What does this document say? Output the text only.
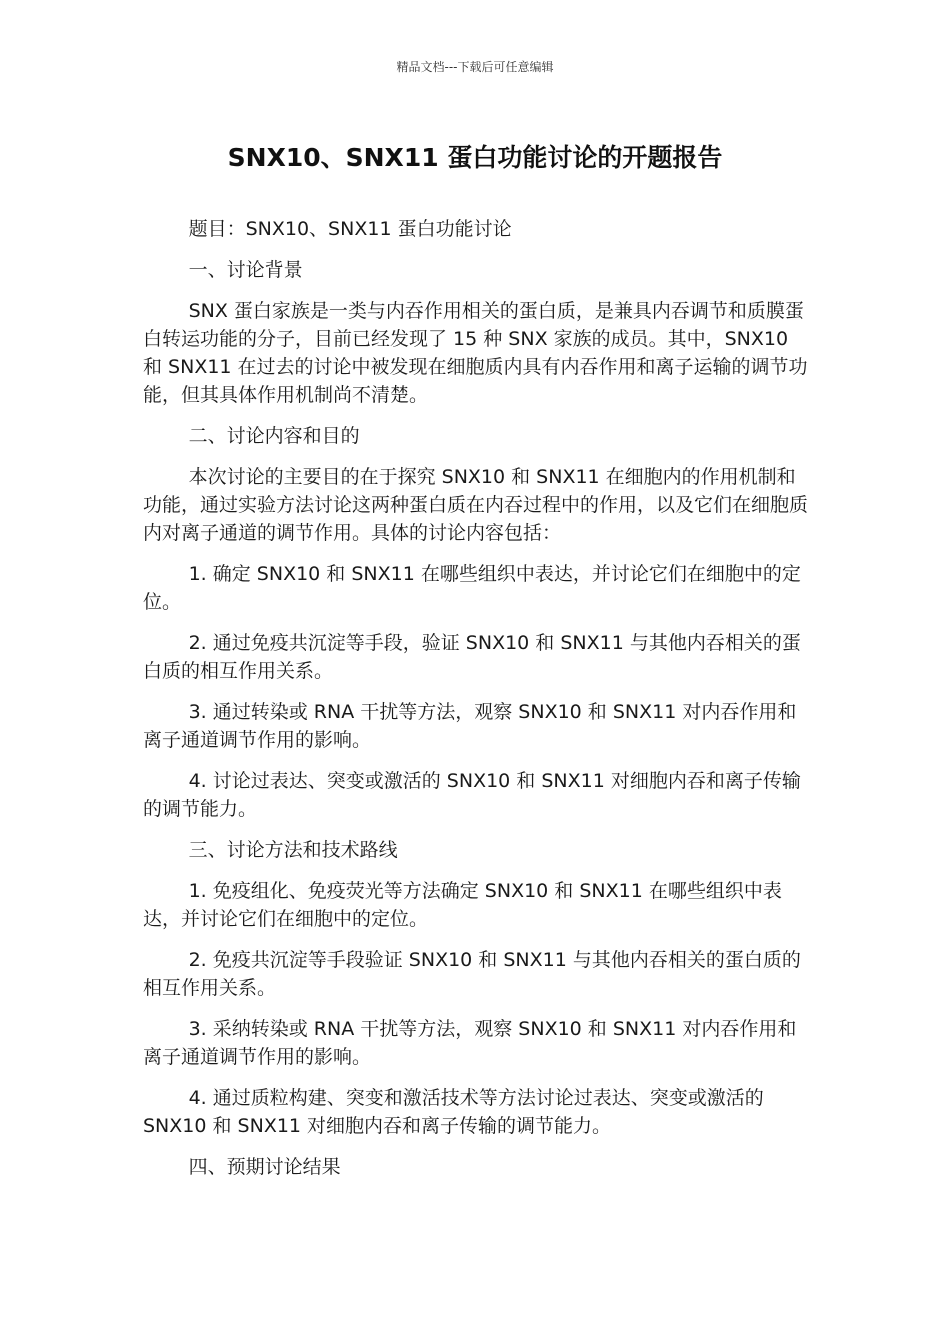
精品文档---下载后可任意编辑
SNX10、SNX11 蛋白功能讨论的开题报告

题目：SNX10、SNX11 蛋白功能讨论

一、讨论背景

SNX 蛋白家族是一类与内吞作用相关的蛋白质，是兼具内吞调节和质膜蛋白转运功能的分子，目前已经发现了 15 种 SNX 家族的成员。其中，SNX10 和 SNX11 在过去的讨论中被发现在细胞质内具有内吞作用和离子运输的调节功能，但其具体作用机制尚不清楚。

二、讨论内容和目的

本次讨论的主要目的在于探究 SNX10 和 SNX11 在细胞内的作用机制和功能，通过实验方法讨论这两种蛋白质在内吞过程中的作用，以及它们在细胞质内对离子通道的调节作用。具体的讨论内容包括：

1. 确定 SNX10 和 SNX11 在哪些组织中表达，并讨论它们在细胞中的定位。

2. 通过免疫共沉淀等手段，验证 SNX10 和 SNX11 与其他内吞相关的蛋白质的相互作用关系。

3. 通过转染或 RNA 干扰等方法，观察 SNX10 和 SNX11 对内吞作用和离子通道调节作用的影响。

4. 讨论过表达、突变或激活的 SNX10 和 SNX11 对细胞内吞和离子传输的调节能力。

三、讨论方法和技术路线

1. 免疫组化、免疫荧光等方法确定 SNX10 和 SNX11 在哪些组织中表达，并讨论它们在细胞中的定位。

2. 免疫共沉淀等手段验证 SNX10 和 SNX11 与其他内吞相关的蛋白质的相互作用关系。

3. 采纳转染或 RNA 干扰等方法，观察 SNX10 和 SNX11 对内吞作用和离子通道调节作用的影响。

4. 通过质粒构建、突变和激活技术等方法讨论过表达、突变或激活的 SNX10 和 SNX11 对细胞内吞和离子传输的调节能力。

四、预期讨论结果
